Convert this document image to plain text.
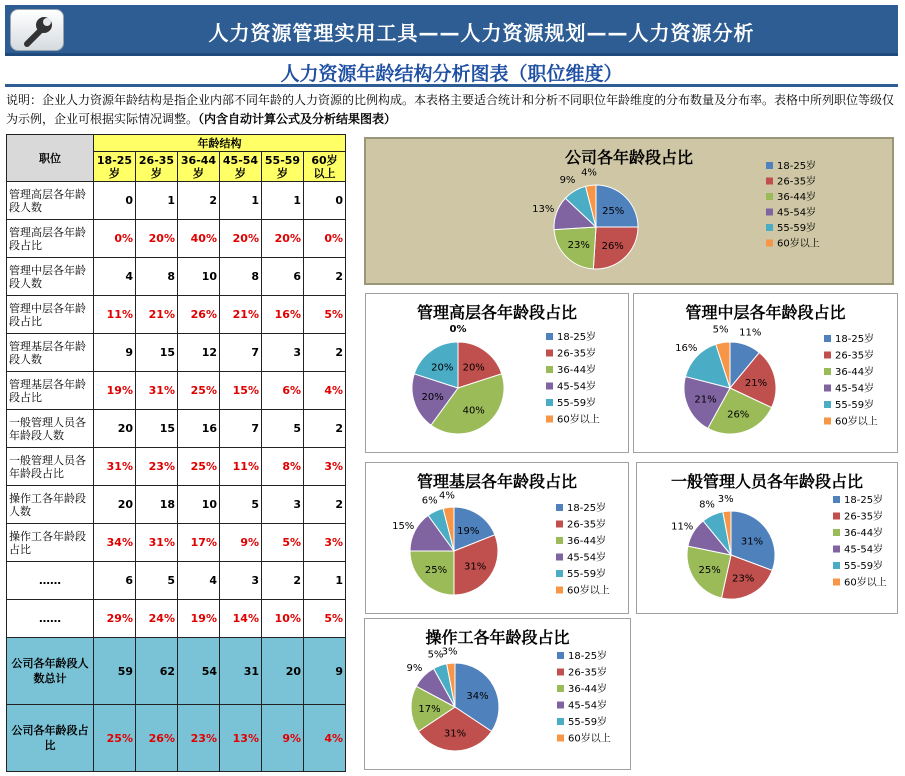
人力资源管理实用工具——人力资源规划——人力资源分析
人力资源年龄结构分析图表（职位维度）
说明：企业人力资源年龄结构是指企业内部不同年龄的人力资源的比例构成。本表格主要适合统计和分析不同职位年龄维度的分布数量及分布率。表格中所列职位等级仅为示例，企业可根据实际情况调整。（内含自动计算公式及分析结果图表）
职位	年龄结构					
	18-25岁	26-35岁	36-44岁	45-54岁	55-59岁	60岁以上
管理高层各年龄段人数	0	1	2	1	1	0
管理高层各年龄段占比	0%	20%	40%	20%	20%	0%
管理中层各年龄段人数	4	8	10	8	6	2
管理中层各年龄段占比	11%	21%	26%	21%	16%	5%
管理基层各年龄段人数	9	15	12	7	3	2
管理基层各年龄段占比	19%	31%	25%	15%	6%	4%
一般管理人员各年龄段人数	20	15	16	7	5	2
一般管理人员各年龄段占比	31%	23%	25%	11%	8%	3%
操作工各年龄段人数	20	18	10	5	3	2
操作工各年龄段占比	34%	31%	17%	9%	5%	3%
……	6	5	4	3	2	1
……	29%	24%	19%	14%	10%	5%
公司各年龄段人数总计	59	62	54	31	20	9
公司各年龄段占比	25%	26%	23%	13%	9%	4%
公司各年龄段占比
25%
26%
23%
13%
9%
4%
18-25岁
26-35岁
36-44岁
45-54岁
55-59岁
60岁以上
管理高层各年龄段占比
0%
20%
40%
20%
20%
18-25岁
26-35岁
36-44岁
45-54岁
55-59岁
60岁以上
管理中层各年龄段占比
11%
21%
26%
21%
16%
5%
18-25岁
26-35岁
36-44岁
45-54岁
55-59岁
60岁以上
管理基层各年龄段占比
19%
31%
25%
15%
6% 4%
18-25岁
26-35岁
36-44岁
45-54岁
55-59岁
60岁以上
一般管理人员各年龄段占比
31%
23%
25%
11%
8% 3%	18-25岁
26-35岁
36-44岁
45-54岁
55-59岁
60岁以上
操作工各年龄段占比
34%
31%
17%
9%
5%
3%	18-25岁
26-35岁
36-44岁
45-54岁
55-59岁
60岁以上
